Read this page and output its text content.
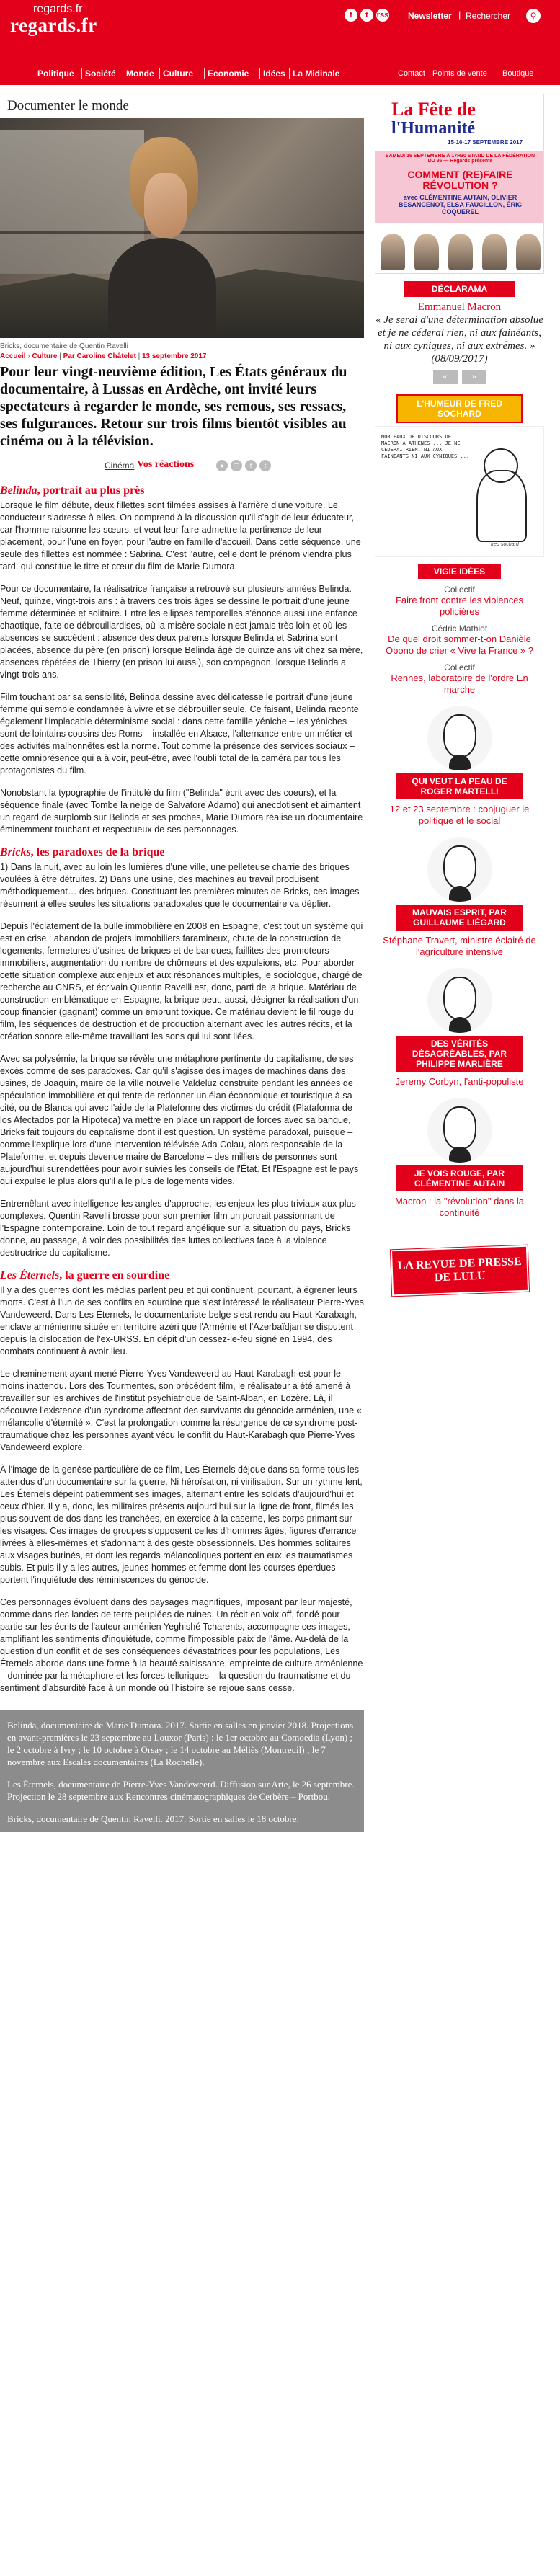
regards.fr
regards.fr	f	t	rss Newsletter | Rechercher	⚲
Politique Société Monde Culture Economie Idées La Midinale	Contact Points de vente Boutique
Documenter le monde
Bricks, documentaire de Quentin Ravelli
Accueil › Culture | Par Caroline Châtelet | 13 septembre 2017
Pour leur vingt-neuvième édition, Les États généraux du documentaire, à Lussas en Ardèche, ont invité leurs spectateurs à regarder le monde, ses remous, ses ressacs, ses fulgurances. Retour sur trois films bientôt visibles au cinéma ou à la télévision.
Cinéma Vos réactions	●	▢	f	t
Belinda, portrait au plus près

Lorsque le film débute, deux fillettes sont filmées assises à l'arrière d'une voiture. Le conducteur s'adresse à elles. On comprend à la discussion qu'il s'agit de leur éducateur, car l'homme raisonne les sœurs, et veut leur faire admettre la pertinence de leur placement, pour l'une en foyer, pour l'autre en famille d'accueil. Dans cette séquence, une seule des fillettes est nommée : Sabrina. C'est l'autre, celle dont le prénom viendra plus tard, qui constitue le titre et cœur du film de Marie Dumora.

Pour ce documentaire, la réalisatrice française a retrouvé sur plusieurs années Belinda. Neuf, quinze, vingt-trois ans : à travers ces trois âges se dessine le portrait d'une jeune femme déterminée et solitaire. Entre les ellipses temporelles s'énonce aussi une enfance chaotique, faite de débrouillardises, où la misère sociale n'est jamais très loin et où les absences se succèdent : absence des deux parents lorsque Belinda et Sabrina sont placées, absence du père (en prison) lorsque Belinda âgé de quinze ans vit chez sa mère, absences répétées de Thierry (en prison lui aussi), son compagnon, lorsque Belinda a vingt-trois ans.

Film touchant par sa sensibilité, Belinda dessine avec délicatesse le portrait d'une jeune femme qui semble condamnée à vivre et se débrouiller seule. Ce faisant, Belinda raconte également l'implacable déterminisme social : dans cette famille yéniche – les yéniches sont de lointains cousins des Roms – installée en Alsace, l'alternance entre un métier et des activités malhonnêtes est la norme. Tout comme la présence des services sociaux – cette omniprésence qui a à voir, peut-être, avec l'oubli total de la caméra par tous les protagonistes du film.

Nonobstant la typographie de l'intitulé du film ("Belinda" écrit avec des coeurs), et la séquence finale (avec Tombe la neige de Salvatore Adamo) qui anecdotisent et aimantent un regard de surplomb sur Belinda et ses proches, Marie Dumora réalise un documentaire éminemment touchant et respectueux de ses personnages.

Bricks, les paradoxes de la brique

1) Dans la nuit, avec au loin les lumières d'une ville, une pelleteuse charrie des briques voulées à être détruites. 2) Dans une usine, des machines au travail produisent méthodiquement… des briques. Constituant les premières minutes de Bricks, ces images résument à elles seules les situations paradoxales que le documentaire va déplier.

Depuis l'éclatement de la bulle immobilière en 2008 en Espagne, c'est tout un système qui est en crise : abandon de projets immobiliers faramineux, chute de la construction de logements, fermetures d'usines de briques et de banques, faillites des promoteurs immobiliers, augmentation du nombre de chômeurs et des expulsions, etc. Pour aborder cette situation complexe aux enjeux et aux résonances multiples, le sociologue, chargé de recherche au CNRS, et écrivain Quentin Ravelli est, donc, parti de la brique. Matériau de construction emblématique en Espagne, la brique peut, aussi, désigner la réalisation d'un coup financier (gagnant) comme un emprunt toxique. Ce matériau devient le fil rouge du film, les séquences de destruction et de production alternant avec les autres récits, et la création sonore elle-même travaillant les sons qui lui sont liées.

Avec sa polysémie, la brique se révèle une métaphore pertinente du capitalisme, de ses excès comme de ses paradoxes. Car qu'il s'agisse des images de machines dans des usines, de Joaquin, maire de la ville nouvelle Valdeluz construite pendant les années de spéculation immobilière et qui tente de redonner un élan économique et touristique à sa cité, ou de Blanca qui avec l'aide de la Plateforme des victimes du crédit (Plataforma de los Afectados por la Hipoteca) va mettre en place un rapport de forces avec sa banque, Bricks fait toujours du capitalisme dont il est question. Un système paradoxal, puisque – comme l'explique lors d'une intervention télévisée Ada Colau, alors responsable de la Plateforme, et depuis devenue maire de Barcelone – des milliers de personnes sont aujourd'hui surendettées pour avoir suivies les conseils de l'État. Et l'Espagne est le pays qui expulse le plus alors qu'il a le plus de logements vides.

Entremêlant avec intelligence les angles d'approche, les enjeux les plus triviaux aux plus complexes, Quentin Ravelli brosse pour son premier film un portrait passionnant de l'Espagne contemporaine. Loin de tout regard angélique sur la situation du pays, Bricks donne, au passage, à voir des possibilités des luttes collectives face à la violence destructrice du capitalisme.

Les Éternels, la guerre en sourdine

Il y a des guerres dont les médias parlent peu et qui continuent, pourtant, à égrener leurs morts. C'est à l'un de ses conflits en sourdine que s'est intéressé le réalisateur Pierre-Yves Vandeweerd. Dans Les Éternels, le documentariste belge s'est rendu au Haut-Karabagh, enclave arménienne située en territoire azéri que l'Arménie et l'Azerbaïdjan se disputent depuis la dislocation de l'ex-URSS. En dépit d'un cessez-le-feu signé en 1994, des combats continuent à avoir lieu.

Le cheminement ayant mené Pierre-Yves Vandeweerd au Haut-Karabagh est pour le moins inattendu. Lors des Tourmentes, son précédent film, le réalisateur a été amené à travailler sur les archives de l'institut psychiatrique de Saint-Alban, en Lozère. Là, il découvre l'existence d'un syndrome affectant des survivants du génocide arménien, une « mélancolie d'éternité ». C'est la prolongation comme la résurgence de ce syndrome post-traumatique chez les personnes ayant vécu le conflit du Haut-Karabagh que Pierre-Yves Vandeweerd explore.

À l'image de la genèse particulière de ce film, Les Éternels déjoue dans sa forme tous les attendus d'un documentaire sur la guerre. Ni héroïsation, ni virilisation. Sur un rythme lent, Les Éternels dépeint patiemment ses images, alternant entre les soldats d'aujourd'hui et ceux d'hier. Il y a, donc, les militaires présents aujourd'hui sur la ligne de front, filmés les plus souvent de dos dans les tranchées, en exercice à la caserne, les corps primant sur les visages. Ces images de groupes s'opposent celles d'hommes âgés, figures d'errance livrées à elles-mêmes et s'adonnant à des geste obsessionnels. Des hommes solitaires aux visages burinés, et dont les regards mélancoliques portent en eux les traumatismes subis. Et puis il y a les autres, jeunes hommes et femme dont les courses éperdues portent l'inquiétude des réminiscences du génocide.

Ces personnages évoluent dans des paysages magnifiques, imposant par leur majesté, comme dans des landes de terre peuplées de ruines. Un récit en voix off, fondé pour partie sur les écrits de l'auteur arménien Yeghishé Tcharents, accompagne ces images, amplifiant les sentiments d'inquiétude, comme l'impossible paix de l'âme. Au-delà de la question d'un conflit et de ses conséquences dévastatrices pour les populations, Les Éternels aborde dans une forme à la beauté saisissante, empreinte de culture arménienne – dominée par la métaphore et les forces telluriques – la question du traumatisme et du sentiment d'absurdité face à un monde où l'histoire se rejoue sans cesse.

Belinda, documentaire de Marie Dumora. 2017. Sortie en salles en janvier 2018. Projections en avant-premières le 23 septembre au Louxor (Paris) : le 1er octobre au Comoedia (Lyon) ; le 2 octobre à Ivry ; le 10 octobre à Orsay ; le 14 octobre au Méliès (Montreuil) ; le 7 novembre aux Escales documentaires (La Rochelle).

Les Éternels, documentaire de Pierre-Yves Vandeweerd. Diffusion sur Arte, le 26 septembre. Projection le 28 septembre aux Rencontres cinématographiques de Cerbère – Portbou.

Bricks, documentaire de Quentin Ravelli. 2017. Sortie en salles le 18 octobre.

La Fête de
l'Humanité
15-16-17 SEPTEMBRE 2017
SAMEDI 16 SEPTEMBRE À 17H30 STAND DE LA FÉDÉRATION DU 95 — Regards présente
COMMENT (RE)FAIRE RÉVOLUTION ?
avec CLÉMENTINE AUTAIN, OLIVIER BESANCENOT, ELSA FAUCILLON, ÉRIC COQUEREL
DÉCLARAMA
Emmanuel Macron
« Je serai d'une détermination absolue et je ne céderai rien, ni aux fainéants, ni aux cyniques, ni aux extrêmes. » (08/09/2017)
«	»
L'HUMEUR DE FRED SOCHARD
MORCEAUX DE DISCOURS DE MACRON À ATHÈNES ... JE NE CÉDERAI RIEN, NI AUX FAINÉANTS NI AUX CYNIQUES ...
fred sochard
VIGIE IDÉES
Collectif
Faire front contre les violences policières
Cédric Mathiot
De quel droit sommer-t-on Danièle Obono de crier « Vive la France » ?
Collectif
Rennes, laboratoire de l'ordre En marche
QUI VEUT LA PEAU DE ROGER MARTELLI
12 et 23 septembre : conjuguer le politique et le social
MAUVAIS ESPRIT, PAR GUILLAUME LIÉGARD
Stéphane Travert, ministre éclairé de l'agriculture intensive
DES VÉRITÉS DÉSAGRÉABLES, PAR PHILIPPE MARLIÈRE
Jeremy Corbyn, l'anti-populiste
JE VOIS ROUGE, PAR CLÉMENTINE AUTAIN
Macron : la "révolution" dans la continuité
LA REVUE DE PRESSE DE LULU
